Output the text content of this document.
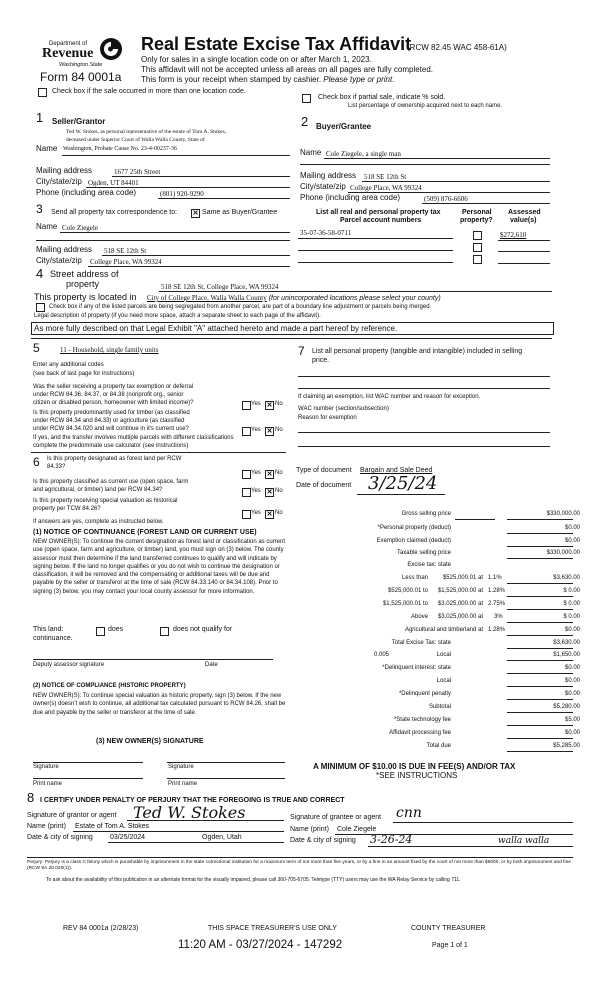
Department of
Revenue
Washington State
Form 84 0001a
Real Estate Excise Tax Affidavit
(RCW 82.45 WAC 458-61A)
Only for sales in a single location code on or after March 1, 2023.
This affidavit will not be accepted unless all areas on all pages are fully completed.
This form is your receipt when stamped by cashier. Please type or print.
Check box if the sale occurred in more than one location code.
Check box if partial sale, indicate % sold.
List percentage of ownership acquired next to each name.
1 Seller/Grantor
Ted W. Stokes, as personal representative of the estate of Tom A. Stokes,
deceased under Superior Court of Walla Walla County, State of
Name Washington, Probate Cause No. 23-4-00237-36
Mailing address	1677 25th Street
City/state/zip Ogden, UT 84401
Phone (including area code)	(801) 920-9290
2 Buyer/Grantee
Name Cole Ziegele, a single man
Mailing address 518 SE 12th St
City/state/zip College Place, WA 99324
Phone (including area code)	(509) 876-6606
3 Send all property tax correspondence to: ✕ Same as Buyer/Grantee
Name Cole Ziegele
Mailing address 518 SE 12th St
City/state/zip College Place, WA 99324
List all real and personal property tax
Parcel account numbers
Personal
property?
Assessed
value(s)
35-07-36-58-0711	$272,610
4 Street address of
property	518 SE 12th St, College Place, WA 99324
This property is located in City of College Place, Walla Walla County (for unincorporated locations please select your county)
Check box if any of the listed parcels are being segregated from another parcel, are part of a boundary line adjustment or parcels being merged.
Legal description of property (if you need more space, attach a separate sheet to each page of the affidavit).
As more fully described on that Legal Exhibit "A" attached hereto and made a part hereof by reference.
5	11 - Household, single family units
Enter any additional codes
(see back of last page for instructions)
Was the seller receiving a property tax exemption or deferral
under RCW 84.36, 84.37, or 84.38 (nonprofit org., senior
citizen or disabled person, homeowner with limited income)?	Yes ✕ No
Is this property predominantly used for timber (as classified
under RCW 84.34 and 84.33) or agriculture (as classified
under RCW 84.34.020 and will continue in it's current use?	Yes ✕ No
If yes, and the transfer involves multiple parcels with different classifications
complete the predominate use calculator (see instructions)
6 Is this property designated as forest land per RCW
84.33?
Yes ✕ No
Is this property classified as current use (open space, farm
and agricultural, or timber) land per RCW 84.34?	Yes ✕ No
Is this property receiving special valuation as historical
property per TCW 84.26?
Yes ✕ No
If answers are yes, complete as instructed below.
(1) NOTICE OF CONTINUANCE (FOREST LAND OR CURRENT USE)
NEW OWNER(S): To continue the current designation as forest land or classification as current use (open space, farm and agriculture, or timber) land, you must sign on (3) below. The county assessor must then determine if the land transferred continues to qualify and will indicate by signing below. If the land no longer qualifies or you do not wish to continue the designation or classification, it will be removed and the compensating or additional taxes will be due and payable by the seller or transferor at the time of sale (RCW 84.33.140 or 84.34.108). Prior to signing (3) below, you may contact your local county assessor for more information.
This land:	does	does not qualify for
continuance.
Deputy assessor signature	Date
(2) NOTICE OF COMPLIANCE (HISTORIC PROPERTY)
NEW OWNER(S): To continue special valuation as historic property, sign (3) below. If the new owner(s) doesn't wish to continue, all additional tax calculated pursuant to RCW 84.26, shall be due and payable by the seller or transferor at the time of sale.
(3) NEW OWNER(S) SIGNATURE
Signature	Signature
Print name	Print name
7 List all personal property (tangible and intangible) included in selling
price.
If claiming an exemption, list WAC number and reason for exception.
WAC number (section/subsection)
Reason for exemption
Type of document Bargain and Sale Deed
Date of document 3/25/24
Gross selling price	$330,000.00
*Personal property (deduct)	$0.00
Exemption claimed (deduct)	$0.00
Taxable selling price	$330,000.00
Excise tax: state
Less than $525,000.01 at 1.1%	$3,630.00
$525,000.01 to $1,525,000.00 at 1.28%	$ 0.00
$1,525,000.01 to $3,025,000.00 at 2.75%	$ 0.00
Above $3,025,000.00 at 3%	$ 0.00
Agricultural and timberland at 1.28%	$0.00
Total Excise Tax: state	$3,630.00
0.005	Local	$1,650.00
*Delinquent interest: state	$0.00
Local	$0.00
*Delinquent penalty	$0.00
Subtotal	$5,280.00
*State technology fee	$5.00
Affidavit processing fee	$0.00
Total due	$5,285.00
A MINIMUM OF $10.00 IS DUE IN FEE(S) AND/OR TAX
*SEE INSTRUCTIONS
8 I CERTIFY UNDER PENALTY OF PERJURY THAT THE FOREGOING IS TRUE AND CORRECT
Signature of grantor or agent Ted W. Stokes
Name (print) Estate of Tom A. Stokes
Date & city of signing 03/25/2024	Ogden, Utah
Signature of grantee or agent cnn
Name (print) Cole Ziegele
Date & city of signing 3-26-24	walla walla
Perjury: Perjury is a class C felony which is punishable by imprisonment in the state correctional institution for a maximum term of not more than five years, or by a fine in an amount fixed by the court of not more than $5000, or by both imprisonment and fine (RCW 9A.20.020(1)).
To ask about the availability of this publication in an alternate format for the visually impaired, please call 360-705-6705. Teletype (TTY) users may use the WA Relay Service by calling 711.
REV 84 0001a (2/28/23)	THIS SPACE TREASURER'S USE ONLY	COUNTY TREASURER
11:20 AM - 03/27/2024 - 147292	Page 1 of 1
